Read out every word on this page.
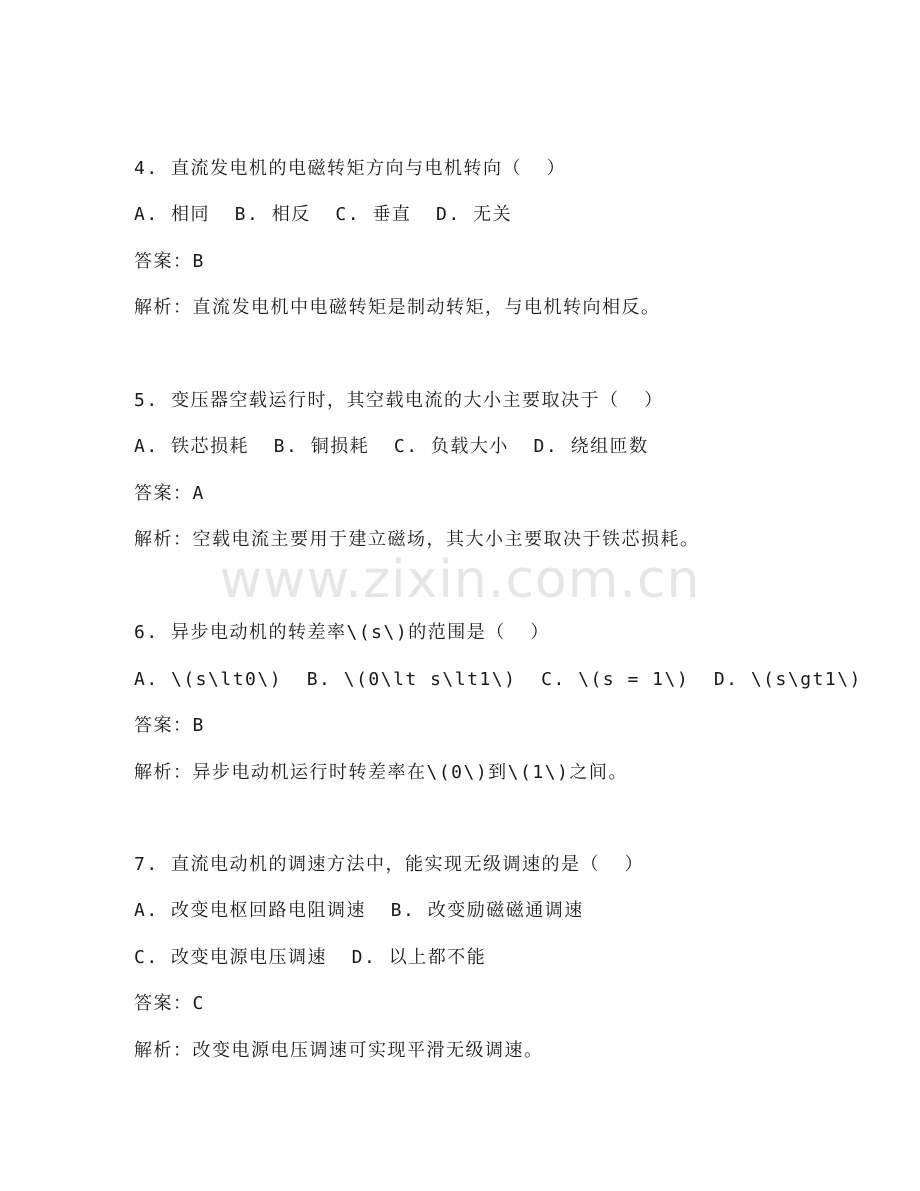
www.zixin.com.cn
4. 直流发电机的电磁转矩方向与电机转向（  ）
A. 相同  B. 相反  C. 垂直  D. 无关
答案：B
解析：直流发电机中电磁转矩是制动转矩，与电机转向相反。
5. 变压器空载运行时，其空载电流的大小主要取决于（  ）
A. 铁芯损耗  B. 铜损耗  C. 负载大小  D. 绕组匝数
答案：A
解析：空载电流主要用于建立磁场，其大小主要取决于铁芯损耗。
6. 异步电动机的转差率\(s\)的范围是（  ）
A. \(s\lt0\)  B. \(0\lt s\lt1\)  C. \(s = 1\)  D. \(s\gt1\)
答案：B
解析：异步电动机运行时转差率在\(0\)到\(1\)之间。
7. 直流电动机的调速方法中，能实现无级调速的是（  ）
A. 改变电枢回路电阻调速  B. 改变励磁磁通调速
C. 改变电源电压调速  D. 以上都不能
答案：C
解析：改变电源电压调速可实现平滑无级调速。
